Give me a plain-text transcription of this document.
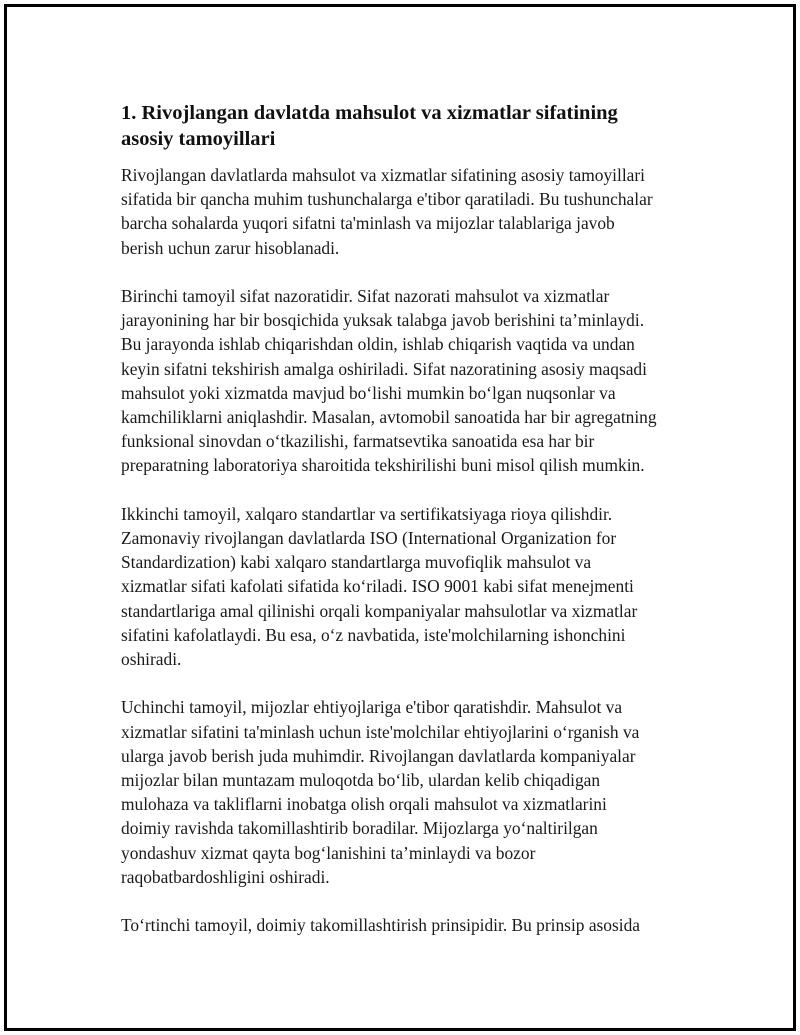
1. Rivojlangan davlatda mahsulot va xizmatlar sifatining
asosiy tamoyillari

Rivojlangan davlatlarda mahsulot va xizmatlar sifatining asosiy tamoyillari
sifatida bir qancha muhim tushunchalarga e'tibor qaratiladi. Bu tushunchalar
barcha sohalarda yuqori sifatni ta'minlash va mijozlar talablariga javob
berish uchun zarur hisoblanadi.

Birinchi tamoyil sifat nazoratidir. Sifat nazorati mahsulot va xizmatlar
jarayonining har bir bosqichida yuksak talabga javob berishini ta’minlaydi.
Bu jarayonda ishlab chiqarishdan oldin, ishlab chiqarish vaqtida va undan
keyin sifatni tekshirish amalga oshiriladi. Sifat nazoratining asosiy maqsadi
mahsulot yoki xizmatda mavjud bo‘lishi mumkin bo‘lgan nuqsonlar va
kamchiliklarni aniqlashdir. Masalan, avtomobil sanoatida har bir agregatning
funksional sinovdan o‘tkazilishi, farmatsevtika sanoatida esa har bir
preparatning laboratoriya sharoitida tekshirilishi buni misol qilish mumkin.

Ikkinchi tamoyil, xalqaro standartlar va sertifikatsiyaga rioya qilishdir.
Zamonaviy rivojlangan davlatlarda ISO (International Organization for
Standardization) kabi xalqaro standartlarga muvofiqlik mahsulot va
xizmatlar sifati kafolati sifatida ko‘riladi. ISO 9001 kabi sifat menejmenti
standartlariga amal qilinishi orqali kompaniyalar mahsulotlar va xizmatlar
sifatini kafolatlaydi. Bu esa, o‘z navbatida, iste'molchilarning ishonchini
oshiradi.

Uchinchi tamoyil, mijozlar ehtiyojlariga e'tibor qaratishdir. Mahsulot va
xizmatlar sifatini ta'minlash uchun iste'molchilar ehtiyojlarini o‘rganish va
ularga javob berish juda muhimdir. Rivojlangan davlatlarda kompaniyalar
mijozlar bilan muntazam muloqotda bo‘lib, ulardan kelib chiqadigan
mulohaza va takliflarni inobatga olish orqali mahsulot va xizmatlarini
doimiy ravishda takomillashtirib boradilar. Mijozlarga yo‘naltirilgan
yondashuv xizmat qayta bog‘lanishini ta’minlaydi va bozor
raqobatbardoshligini oshiradi.

To‘rtinchi tamoyil, doimiy takomillashtirish prinsipidir. Bu prinsip asosida
